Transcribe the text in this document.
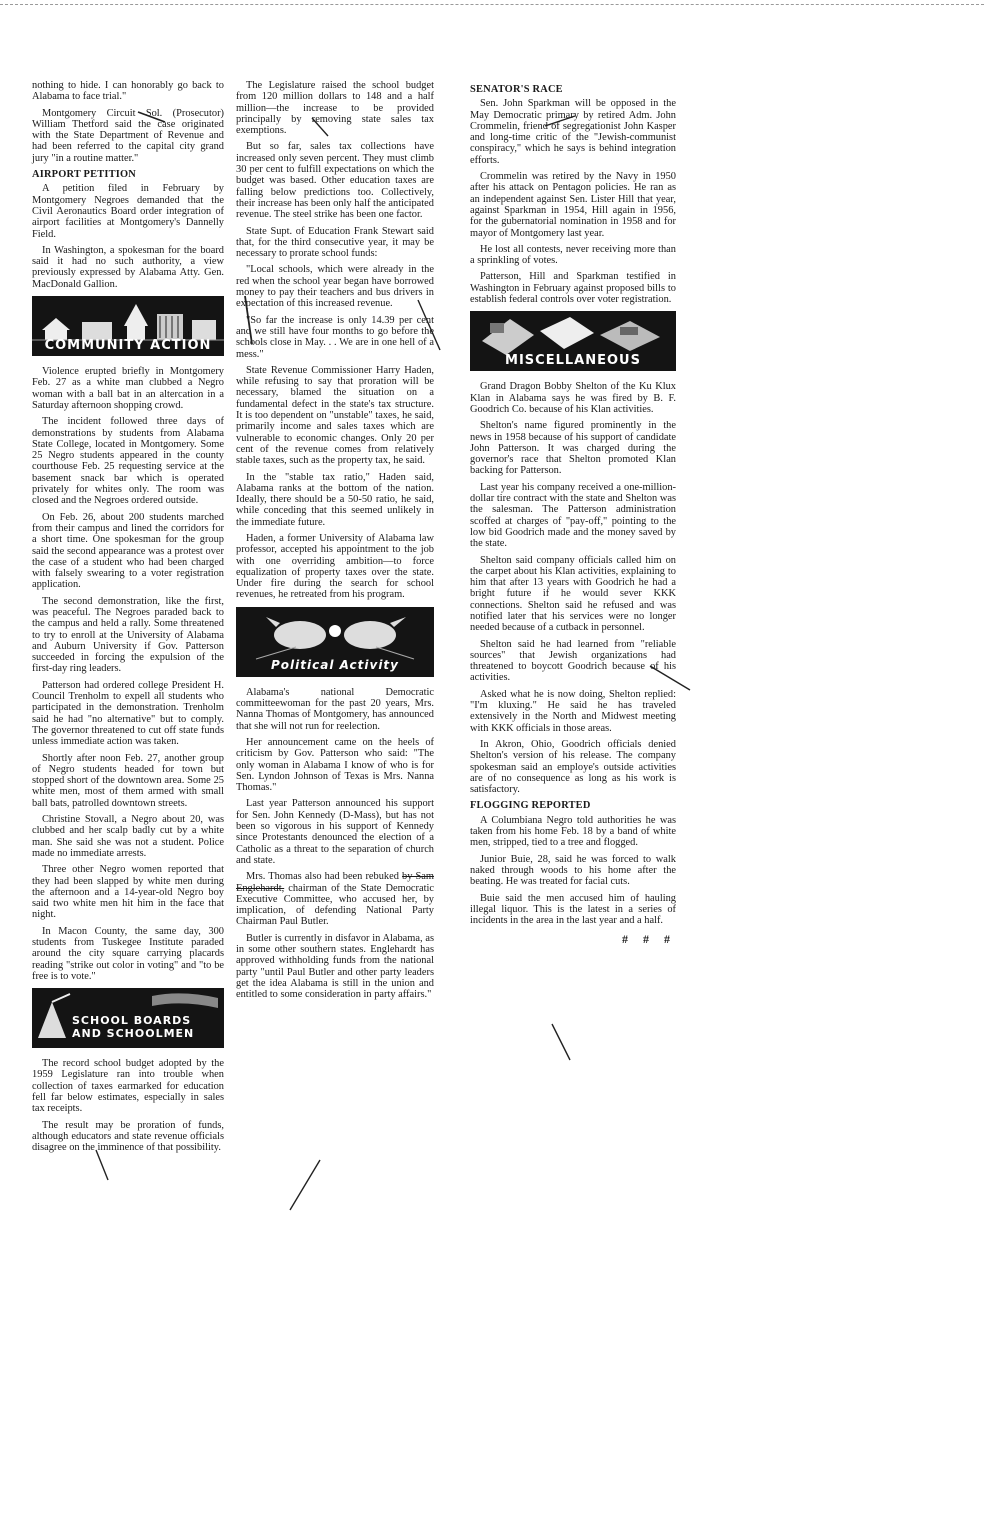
nothing to hide. I can honorably go back to Alabama to face trial."

Montgomery Circuit Sol. (Prosecutor) William Thetford said the case originated with the State Department of Revenue and had been referred to the capital city grand jury "in a routine matter."

AIRPORT PETITION

A petition filed in February by Montgomery Negroes demanded that the Civil Aeronautics Board order integration of airport facilities at Montgomery's Dannelly Field.

In Washington, a spokesman for the board said it had no such authority, a view previously expressed by Alabama Atty. Gen. MacDonald Gallion.

COMMUNITY ACTION

Violence erupted briefly in Montgomery Feb. 27 as a white man clubbed a Negro woman with a ball bat in an altercation in a Saturday afternoon shopping crowd.

The incident followed three days of demonstrations by students from Alabama State College, located in Montgomery. Some 25 Negro students appeared in the county courthouse Feb. 25 requesting service at the basement snack bar which is operated privately for whites only. The room was closed and the Negroes ordered outside.

On Feb. 26, about 200 students marched from their campus and lined the corridors for a short time. One spokesman for the group said the second appearance was a protest over the case of a student who had been charged with falsely swearing to a voter registration application.

The second demonstration, like the first, was peaceful. The Negroes paraded back to the campus and held a rally. Some threatened to try to enroll at the University of Alabama and Auburn University if Gov. Patterson succeeded in forcing the expulsion of the first-day ring leaders.

Patterson had ordered college President H. Council Trenholm to expell all students who participated in the demonstration. Trenholm said he had "no alternative" but to comply. The governor threatened to cut off state funds unless immediate action was taken.

Shortly after noon Feb. 27, another group of Negro students headed for town but stopped short of the downtown area. Some 25 white men, most of them armed with small ball bats, patrolled downtown streets.

Christine Stovall, a Negro about 20, was clubbed and her scalp badly cut by a white man. She said she was not a student. Police made no immediate arrests.

Three other Negro women reported that they had been slapped by white men during the afternoon and a 14-year-old Negro boy said two white men hit him in the face that night.

In Macon County, the same day, 300 students from Tuskegee Institute paraded around the city square carrying placards reading "strike out color in voting" and "to be free is to vote."

SCHOOL BOARDS AND SCHOOLMEN

The record school budget adopted by the 1959 Legislature ran into trouble when collection of taxes earmarked for education fell far below estimates, especially in sales tax receipts.

The result may be proration of funds, although educators and state revenue officials disagree on the imminence of that possibility.

The Legislature raised the school budget from 120 million dollars to 148 and a half million—the increase to be provided principally by removing state sales tax exemptions.

But so far, sales tax collections have increased only seven percent. They must climb 30 per cent to fulfill expectations on which the budget was based. Other education taxes are falling below predictions too. Collectively, their increase has been only half the anticipated revenue. The steel strike has been one factor.

State Supt. of Education Frank Stewart said that, for the third consecutive year, it may be necessary to prorate school funds:

"Local schools, which were already in the red when the school year began have borrowed money to pay their teachers and bus drivers in expectation of this increased revenue.

"So far the increase is only 14.39 per cent and we still have four months to go before the schools close in May. . . We are in one hell of a mess."

State Revenue Commissioner Harry Haden, while refusing to say that proration will be necessary, blamed the situation on a fundamental defect in the state's tax structure. It is too dependent on "unstable" taxes, he said, primarily income and sales taxes which are vulnerable to economic changes. Only 20 per cent of the revenue comes from relatively stable taxes, such as the property tax, he said.

In the "stable tax ratio," Haden said, Alabama ranks at the bottom of the nation. Ideally, there should be a 50-50 ratio, he said, while conceding that this seemed unlikely in the immediate future.

Haden, a former University of Alabama law professor, accepted his appointment to the job with one overriding ambition—to force equalization of property taxes over the state. Under fire during the search for school revenues, he retreated from his program.

Political Activity

Alabama's national Democratic committeewoman for the past 20 years, Mrs. Nanna Thomas of Montgomery, has announced that she will not run for reelection.

Her announcement came on the heels of criticism by Gov. Patterson who said: "The only woman in Alabama I know of who is for Sen. Lyndon Johnson of Texas is Mrs. Nanna Thomas."

Last year Patterson announced his support for Sen. John Kennedy (D-Mass), but has not been so vigorous in his support of Kennedy since Protestants denounced the election of a Catholic as a threat to the separation of church and state.

Mrs. Thomas also had been rebuked by Sam Englehardt, chairman of the State Democratic Executive Committee, who accused her, by implication, of defending National Party Chairman Paul Butler.

Butler is currently in disfavor in Alabama, as in some other southern states. Englehardt has approved withholding funds from the national party "until Paul Butler and other party leaders get the idea Alabama is still in the union and entitled to some consideration in party affairs."

SENATOR'S RACE

Sen. John Sparkman will be opposed in the May Democratic primary by retired Adm. John Crommelin, friend of segregationist John Kasper and long-time critic of the "Jewish-communist conspiracy," which he says is behind integration efforts.

Crommelin was retired by the Navy in 1950 after his attack on Pentagon policies. He ran as an independent against Sen. Lister Hill that year, against Sparkman in 1954, Hill again in 1956, for the gubernatorial nomination in 1958 and for mayor of Montgomery last year.

He lost all contests, never receiving more than a sprinkling of votes.

Patterson, Hill and Sparkman testified in Washington in February against proposed bills to establish federal controls over voter registration.

MISCELLANEOUS

Grand Dragon Bobby Shelton of the Ku Klux Klan in Alabama says he was fired by B. F. Goodrich Co. because of his Klan activities.

Shelton's name figured prominently in the news in 1958 because of his support of candidate John Patterson. It was charged during the governor's race that Shelton promoted Klan backing for Patterson.

Last year his company received a one-million-dollar tire contract with the state and Shelton was the salesman. The Patterson administration scoffed at charges of "pay-off," pointing to the low bid Goodrich made and the money saved by the state.

Shelton said company officials called him on the carpet about his Klan activities, explaining to him that after 13 years with Goodrich he had a bright future if he would sever KKK connections. Shelton said he refused and was notified later that his services were no longer needed because of a cutback in personnel.

Shelton said he had learned from "reliable sources" that Jewish organizations had threatened to boycott Goodrich because of his activities.

Asked what he is now doing, Shelton replied: "I'm kluxing." He said he has traveled extensively in the North and Midwest meeting with KKK officials in those areas.

In Akron, Ohio, Goodrich officials denied Shelton's version of his release. The company spokesman said an employe's outside activities are of no consequence as long as his work is satisfactory.

FLOGGING REPORTED

A Columbiana Negro told authorities he was taken from his home Feb. 18 by a band of white men, stripped, tied to a tree and flogged.

Junior Buie, 28, said he was forced to walk naked through woods to his home after the beating. He was treated for facial cuts.

Buie said the men accused him of hauling illegal liquor. This is the latest in a series of incidents in the area in the last year and a half.

# # #
